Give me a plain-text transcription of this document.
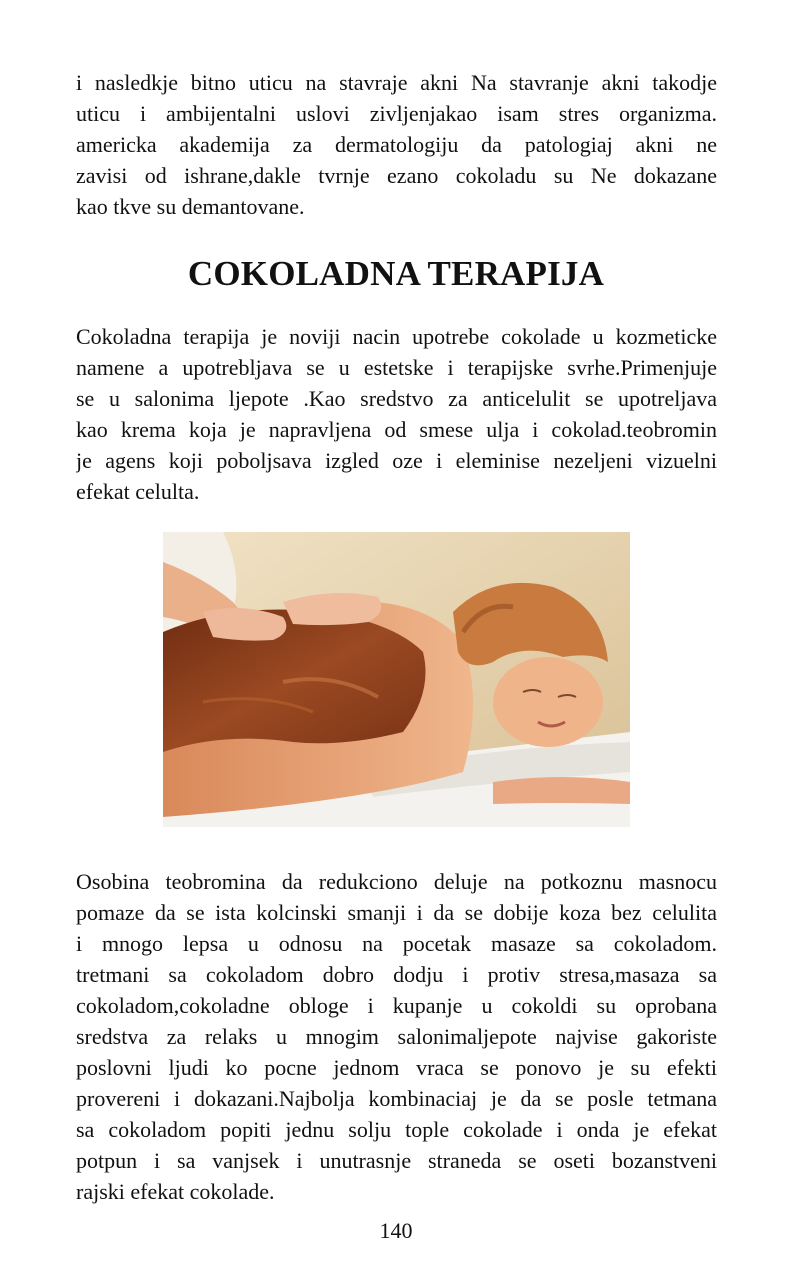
i nasledkje bitno uticu na stavraje akni Na stavranje akni takodje
uticu i ambijentalni uslovi zivljenjakao isam stres organizma.
americka akademija za dermatologiju da patologiaj akni ne
zavisi od ishrane,dakle tvrnje ezano cokoladu su Ne dokazane
kao tkve su demantovane.

COKOLADNA TERAPIJA

Cokoladna terapija je noviji nacin upotrebe cokolade u kozmeticke
namene a upotrebljava se u estetske i terapijske svrhe.Primenjuje
se u salonima ljepote .Kao sredstvo za anticelulit se upotreljava
kao krema koja je napravljena od smese ulja i cokolad.teobromin
je agens koji poboljsava izgled oze i eleminise nezeljeni vizuelni
efekat celulta.

Osobina teobromina da redukciono deluje na potkoznu masnocu
pomaze da se ista kolcinski smanji i da se dobije koza bez celulita
i mnogo lepsa u odnosu na pocetak masaze sa cokoladom.
tretmani sa cokoladom dobro dodju i protiv stresa,masaza sa
cokoladom,cokoladne obloge i kupanje u cokoldi su oprobana
sredstva za relaks u mnogim salonimaljepote najvise gakoriste
poslovni ljudi ko pocne jednom vraca se ponovo je su efekti
provereni i dokazani.Najbolja kombinaciaj je da se posle tetmana
sa cokoladom popiti jednu solju tople cokolade i onda je efekat
potpun i sa vanjsek i unutrasnje straneda se oseti bozanstveni
rajski efekat cokolade.

140
